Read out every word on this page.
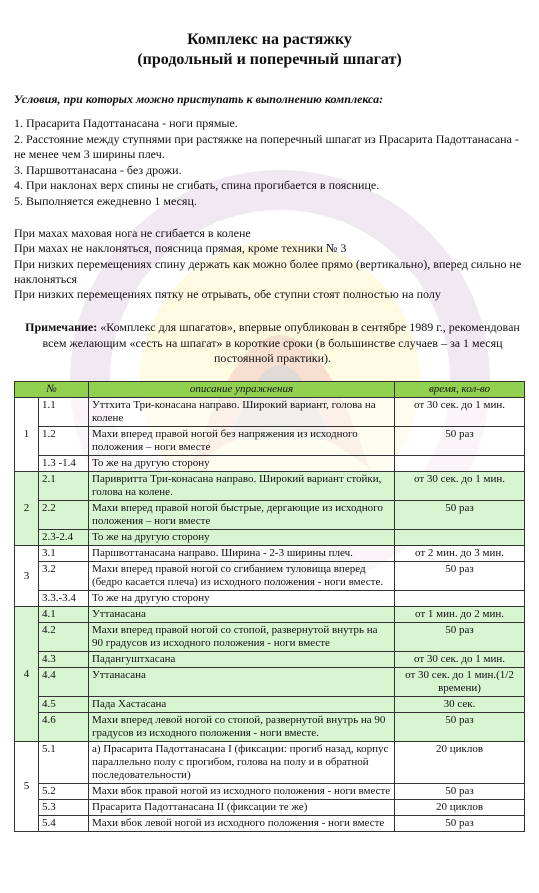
Комплекс на растяжку
(продольный и поперечный шпагат)
Условия, при которых можно приступать к выполнению комплекса:
1. Прасарита Падоттанасана - ноги прямые.
2. Расстояние между ступнями при растяжке на поперечный шпагат из Прасарита Падоттанасана - не менее чем 3 ширины плеч.
3. Паршвоттанасана - без дрожи.
4. При наклонах верх спины не сгибать, спина прогибается в пояснице.
5. Выполняется ежедневно 1 месяц.
При махах маховая нога не сгибается в колене
При махах не наклоняться, поясница прямая, кроме техники № 3
При низких перемещениях спину держать как можно более прямо (вертикально), вперед сильно не наклоняться
При низких перемещениях пятку не отрывать, обе ступни стоят полностью на полу
Примечание: «Комплекс для шпагатов», впервые опубликован в сентябре 1989 г., рекомендован всем желающим «сесть на шпагат» в короткие сроки (в большинстве случаев – за 1 месяц постоянной практики).
№		описание упражнения	время, кол-во
1	1.1	Уттхита Три-конасана направо. Широкий вариант, голова на колене	от 30 сек. до 1 мин.
	1.2	Махи вперед правой ногой без напряжения из исходного положения – ноги вместе	50 раз
	1.3 -1.4	То же на другую сторону	
2	2.1	Паривритта Три-конасана направо. Широкий вариант стойки, голова на колене.	от 30 сек. до 1 мин.
	2.2	Махи вперед правой ногой быстрые, дергающие из исходного положения – ноги вместе	50 раз
	2.3-2.4	То же на другую сторону	
3	3.1	Паршвоттанасана направо. Ширина - 2-3 ширины плеч.	от 2 мин. до 3 мин.
	3.2	Махи вперед правой ногой со сгибанием туловища вперед (бедро касается плеча) из исходного положения - ноги вместе.	50 раз
	3.3.-3.4	То же на другую сторону	
4	4.1	Уттанасана	от 1 мин. до 2 мин.
	4.2	Махи вперед правой ногой со стопой, развернутой внутрь на 90 градусов из исходного положения - ноги вместе	50 раз
	4.3	Падангуштхасана	от 30 сек. до 1 мин.
	4.4	Уттанасана	от 30 сек. до 1 мин.(1/2 времени)
	4.5	Пада Хастасана	30 сек.
	4.6	Махи вперед левой ногой со стопой, развернутой внутрь на 90 градусов из исходного положения - ноги вместе.	50 раз
5	5.1	а) Прасарита Падоттанасана I (фиксации: прогиб назад, корпус параллельно полу с прогибом, голова на полу и в обратной последовательности)	20 циклов
	5.2	Махи вбок правой ногой из исходного положения - ноги вместе	50 раз
	5.3	Прасарита Падоттанасана II (фиксации те же)	20 циклов
	5.4	Махи вбок левой ногой из исходного положения - ноги вместе	50 раз
